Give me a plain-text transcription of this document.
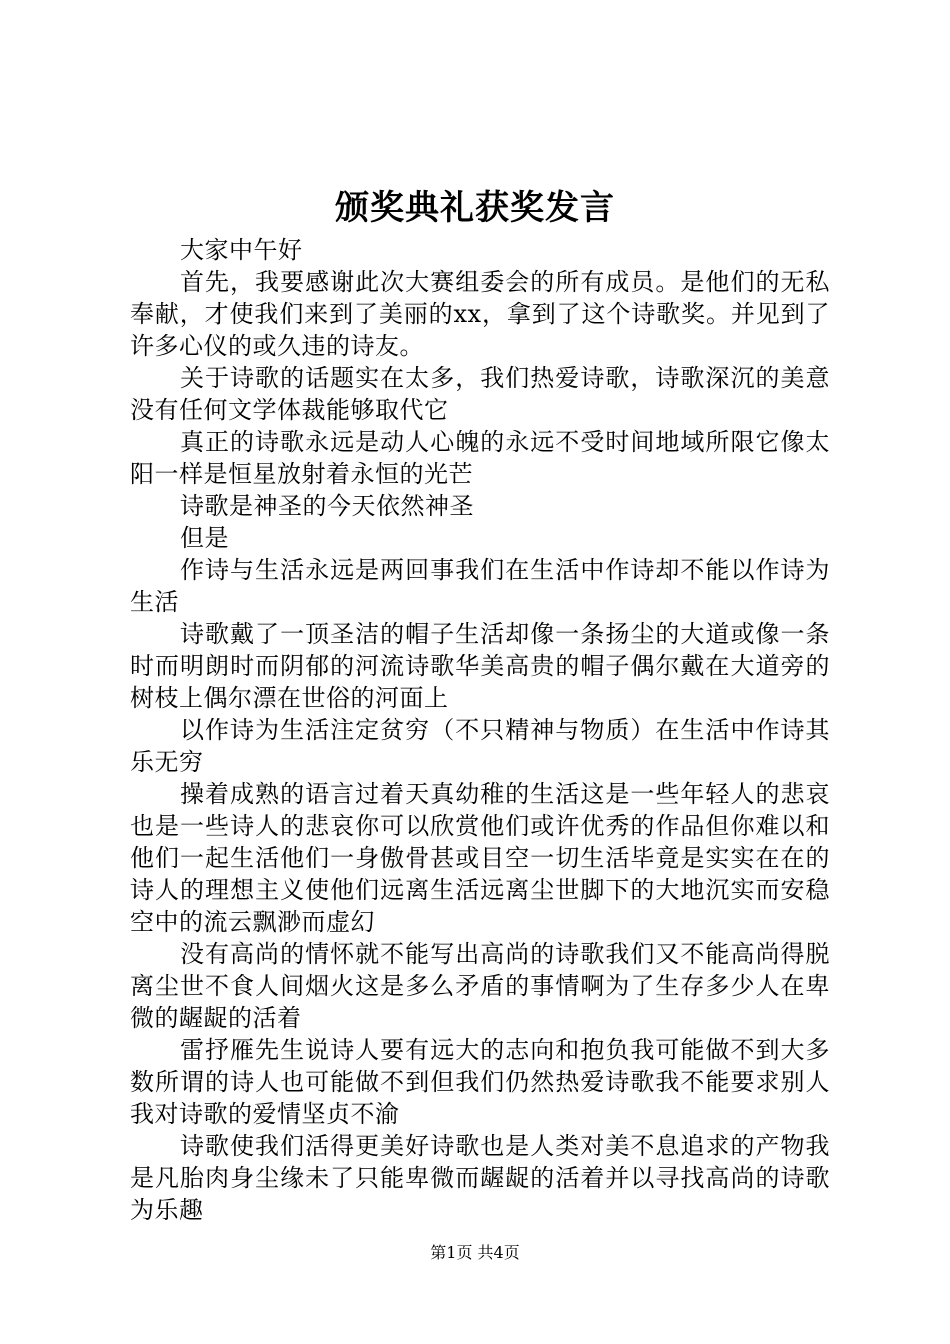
颁奖典礼获奖发言

大家中午好

首先，我要感谢此次大赛组委会的所有成员。是他们的无私奉献，才使我们来到了美丽的xx，拿到了这个诗歌奖。并见到了许多心仪的或久违的诗友。

关于诗歌的话题实在太多，我们热爱诗歌，诗歌深沉的美意没有任何文学体裁能够取代它

真正的诗歌永远是动人心魄的永远不受时间地域所限它像太阳一样是恒星放射着永恒的光芒

诗歌是神圣的今天依然神圣

但是

作诗与生活永远是两回事我们在生活中作诗却不能以作诗为生活

诗歌戴了一顶圣洁的帽子生活却像一条扬尘的大道或像一条时而明朗时而阴郁的河流诗歌华美高贵的帽子偶尔戴在大道旁的树枝上偶尔漂在世俗的河面上

以作诗为生活注定贫穷（不只精神与物质）在生活中作诗其乐无穷

操着成熟的语言过着天真幼稚的生活这是一些年轻人的悲哀也是一些诗人的悲哀你可以欣赏他们或许优秀的作品但你难以和他们一起生活他们一身傲骨甚或目空一切生活毕竟是实实在在的诗人的理想主义使他们远离生活远离尘世脚下的大地沉实而安稳空中的流云飘渺而虚幻

没有高尚的情怀就不能写出高尚的诗歌我们又不能高尚得脱离尘世不食人间烟火这是多么矛盾的事情啊为了生存多少人在卑微的龌龊的活着

雷抒雁先生说诗人要有远大的志向和抱负我可能做不到大多数所谓的诗人也可能做不到但我们仍然热爱诗歌我不能要求别人我对诗歌的爱情坚贞不渝

诗歌使我们活得更美好诗歌也是人类对美不息追求的产物我是凡胎肉身尘缘未了只能卑微而龌龊的活着并以寻找高尚的诗歌为乐趣

第1页 共4页
